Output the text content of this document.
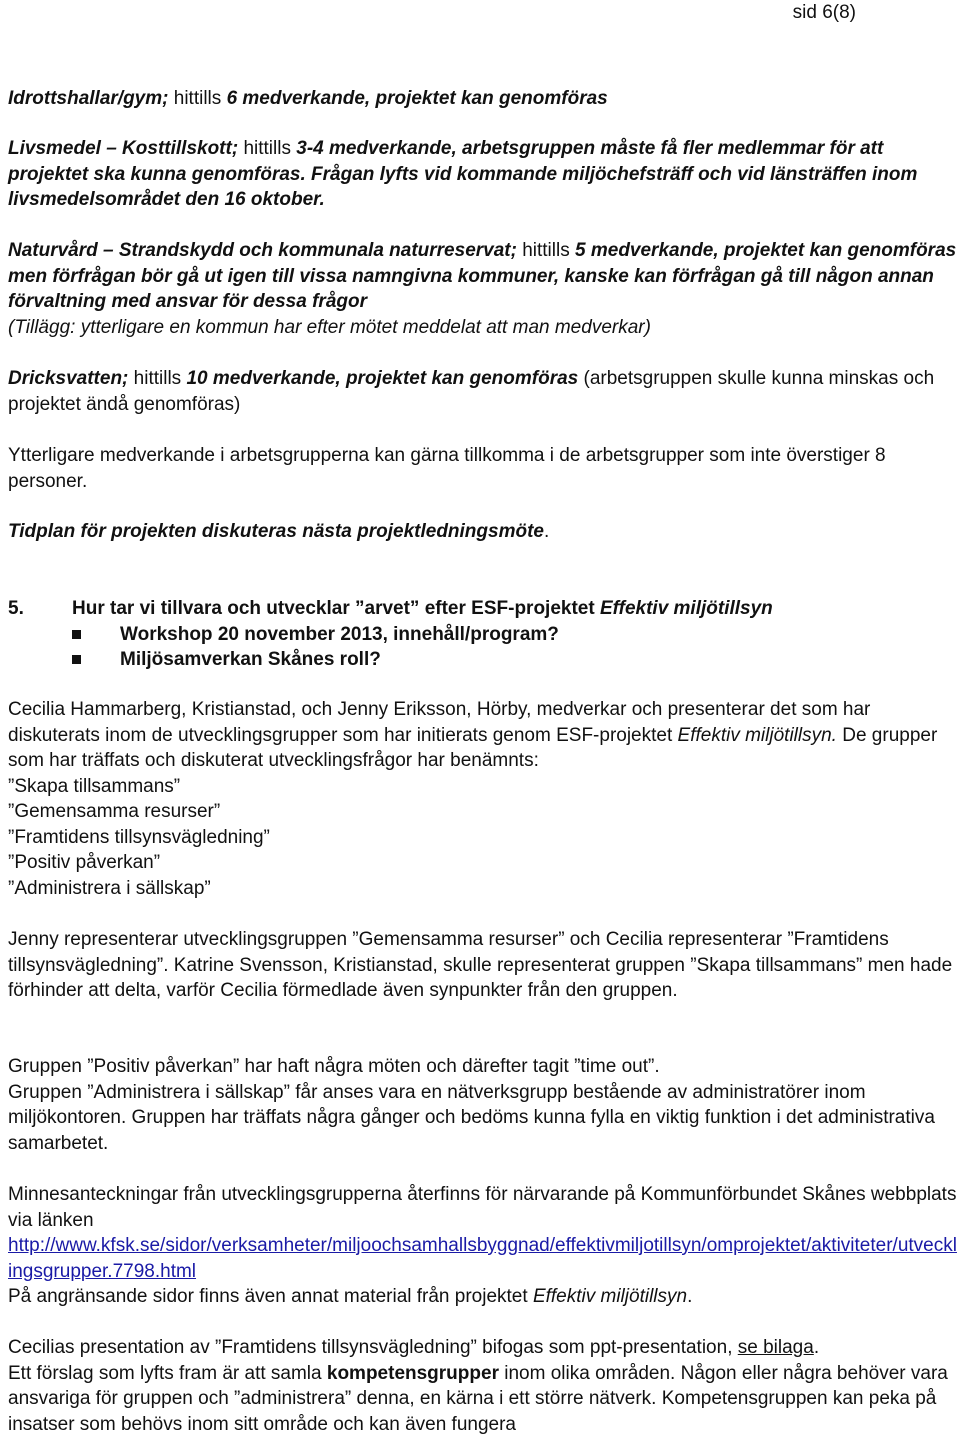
sid 6(8)
Idrottshallar/gym; hittills 6 medverkande, projektet kan genomföras
Livsmedel – Kosttillskott; hittills 3-4 medverkande, arbetsgruppen måste få fler medlemmar för att projektet ska kunna genomföras. Frågan lyfts vid kommande miljöchefsträff och vid länsträffen inom livsmedelsområdet den 16 oktober.
Naturvård – Strandskydd och kommunala naturreservat; hittills 5 medverkande, projektet kan genomföras men förfrågan bör gå ut igen till vissa namngivna kommuner, kanske kan förfrågan gå till någon annan förvaltning med ansvar för dessa frågor
(Tillägg: ytterligare en kommun har efter mötet meddelat att man medverkar)
Dricksvatten; hittills 10 medverkande, projektet kan genomföras (arbetsgruppen skulle kunna minskas och projektet ändå genomföras)
Ytterligare medverkande i arbetsgrupperna kan gärna tillkomma i de arbetsgrupper som inte överstiger 8 personer.
Tidplan för projekten diskuteras nästa projektledningsmöte.
5.	Hur tar vi tillvara och utvecklar ”arvet” efter ESF-projektet Effektiv miljötillsyn
Workshop 20 november 2013, innehåll/program?
Miljösamverkan Skånes roll?
Cecilia Hammarberg, Kristianstad, och Jenny Eriksson, Hörby, medverkar och presenterar det som har diskuterats inom de utvecklingsgrupper som har initierats genom ESF-projektet Effektiv miljötillsyn. De grupper som har träffats och diskuterat utvecklingsfrågor har benämnts:
”Skapa tillsammans”
”Gemensamma resurser”
”Framtidens tillsynsvägledning”
”Positiv påverkan”
”Administrera i sällskap”
Jenny representerar utvecklingsgruppen ”Gemensamma resurser” och Cecilia representerar ”Framtidens tillsynsvägledning”. Katrine Svensson, Kristianstad, skulle representerat gruppen ”Skapa tillsammans” men hade förhinder att delta, varför Cecilia förmedlade även synpunkter från den gruppen.
Gruppen ”Positiv påverkan” har haft några möten och därefter tagit ”time out”.
Gruppen ”Administrera i sällskap” får anses vara en nätverksgrupp bestående av administratörer inom miljökontoren. Gruppen har träffats några gånger och bedöms kunna fylla en viktig funktion i det administrativa samarbetet.
Minnesanteckningar från utvecklingsgrupperna återfinns för närvarande på Kommunförbundet Skånes webbplats via länken
http://www.kfsk.se/sidor/verksamheter/miljoochsamhallsbyggnad/effektivmiljotillsyn/omprojektet/aktiviteter/utvecklingsgrupper.7798.html
På angränsande sidor finns även annat material från projektet Effektiv miljötillsyn.
Cecilias presentation av ”Framtidens tillsynsvägledning” bifogas som ppt-presentation, se bilaga.
Ett förslag som lyfts fram är att samla kompetensgrupper inom olika områden. Någon eller några behöver vara ansvariga för gruppen och ”administrera” denna, en kärna i ett större nätverk. Kompetensgruppen kan peka på insatser som behövs inom sitt område och kan även fungera
